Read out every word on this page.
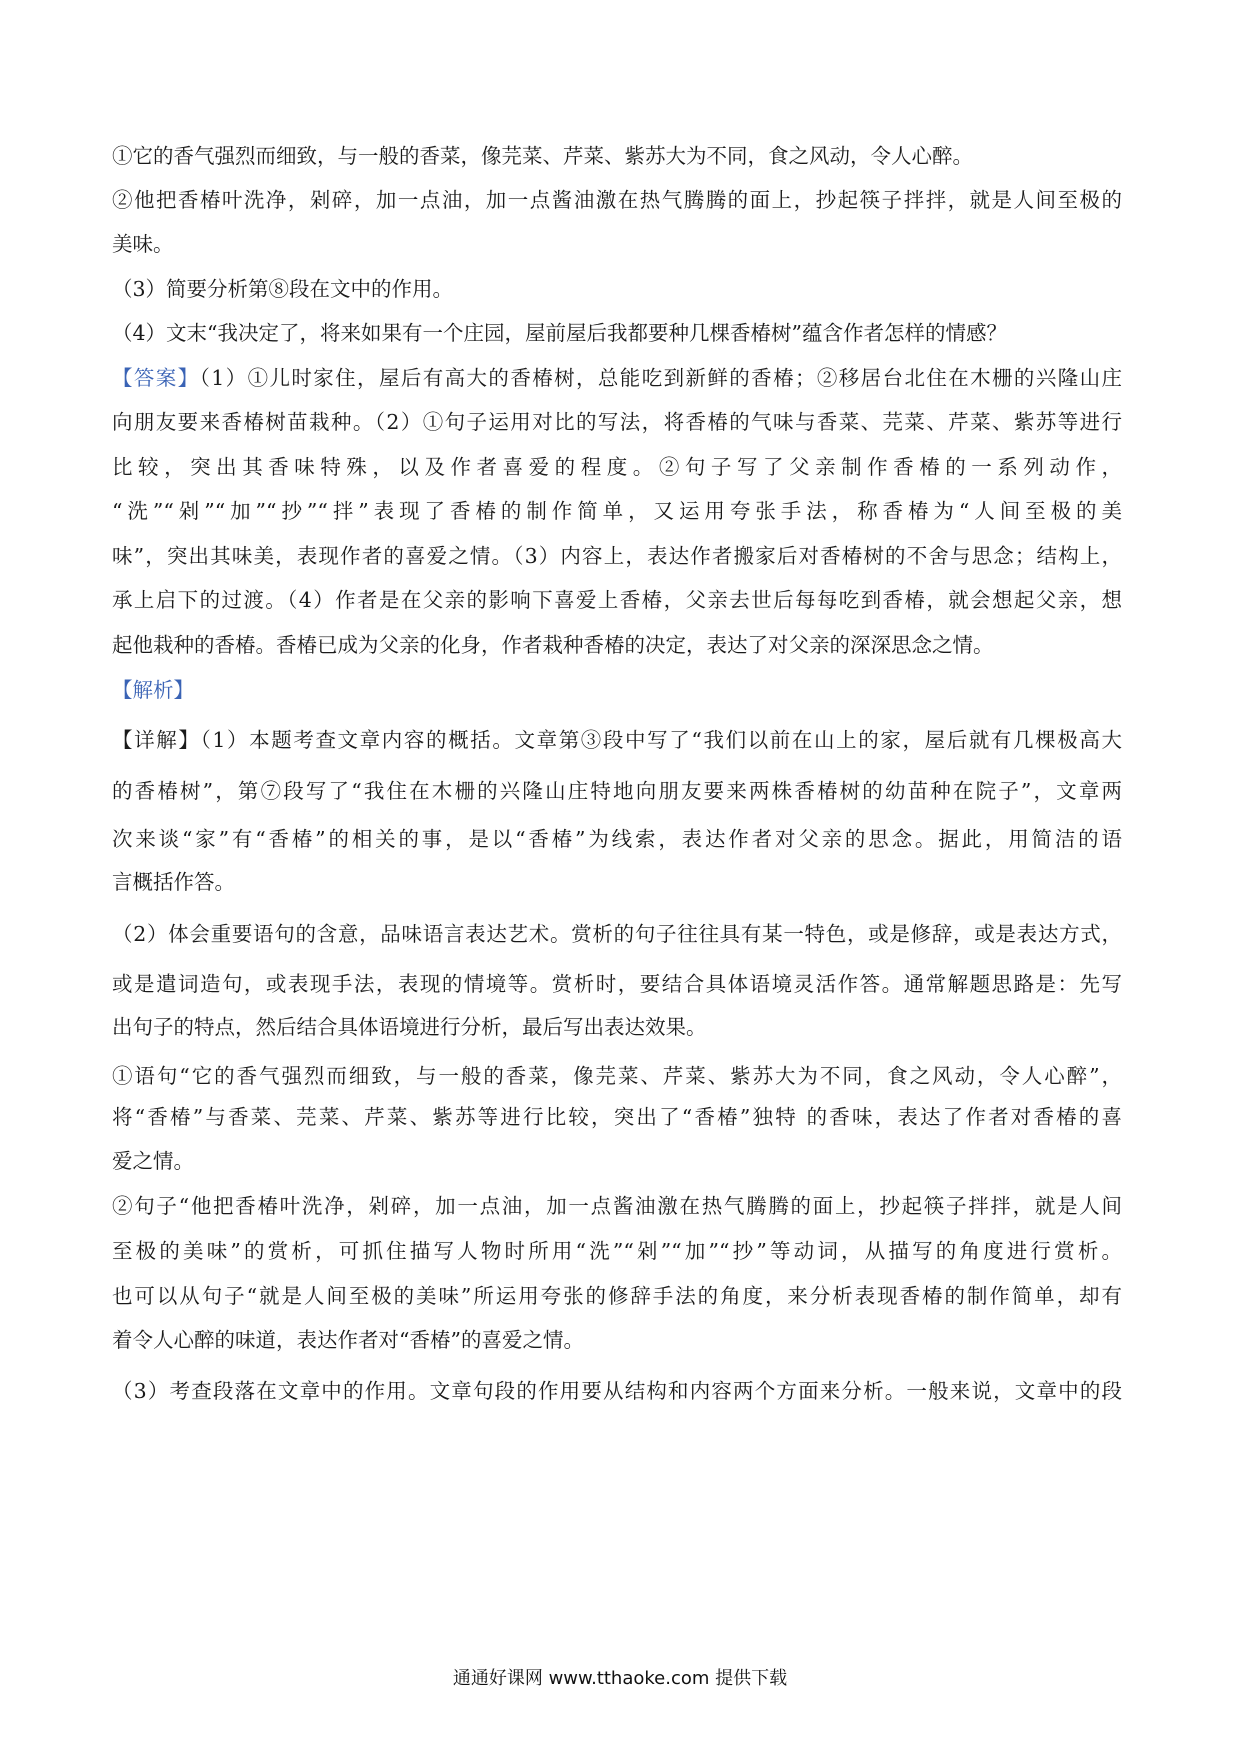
①它的香气强烈而细致，与一般的香菜，像芫菜、芹菜、紫苏大为不同，食之风动，令人心醉。
②他把香椿叶洗净，剁碎，加一点油，加一点酱油激在热气腾腾的面上，抄起筷子拌拌，就是人间至极的
美味。
（3）简要分析第⑧段在文中的作用。
（4）文末“我决定了，将来如果有一个庄园，屋前屋后我都要种几棵香椿树”蕴含作者怎样的情感？
【答案】（1）①儿时家住，屋后有高大的香椿树，总能吃到新鲜的香椿；②移居台北住在木栅的兴隆山庄
向朋友要来香椿树苗栽种。（2）①句子运用对比的写法，将香椿的气味与香菜、芫菜、芹菜、紫苏等进行
比较，突出其香味特殊，以及作者喜爱的程度。②句子写了父亲制作香椿的一系列动作，
“洗”“剁”“加”“抄”“拌”表现了香椿的制作简单，又运用夸张手法，称香椿为“人间至极的美
味”，突出其味美，表现作者的喜爱之情。（3）内容上，表达作者搬家后对香椿树的不舍与思念；结构上，
承上启下的过渡。（4）作者是在父亲的影响下喜爱上香椿，父亲去世后每每吃到香椿，就会想起父亲，想
起他栽种的香椿。香椿已成为父亲的化身，作者栽种香椿的决定，表达了对父亲的深深思念之情。
【解析】
【详解】（1）本题考查文章内容的概括。文章第③段中写了“我们以前在山上的家，屋后就有几棵极高大
的香椿树”，第⑦段写了“我住在木栅的兴隆山庄特地向朋友要来两株香椿树的幼苗种在院子”，文章两
次来谈“家”有“香椿”的相关的事，是以“香椿”为线索，表达作者对父亲的思念。据此，用简洁的语
言概括作答。
（2）体会重要语句的含意，品味语言表达艺术。赏析的句子往往具有某一特色，或是修辞，或是表达方式，
或是遣词造句，或表现手法，表现的情境等。赏析时，要结合具体语境灵活作答。通常解题思路是：先写
出句子的特点，然后结合具体语境进行分析，最后写出表达效果。
①语句“它的香气强烈而细致，与一般的香菜，像芫菜、芹菜、紫苏大为不同，食之风动，令人心醉”，
将“香椿”与香菜、芫菜、芹菜、紫苏等进行比较，突出了“香椿”独特 的香味，表达了作者对香椿的喜
爱之情。
②句子“他把香椿叶洗净，剁碎，加一点油，加一点酱油激在热气腾腾的面上，抄起筷子拌拌，就是人间
至极的美味”的赏析，可抓住描写人物时所用“洗”“剁”“加”“抄”等动词，从描写的角度进行赏析。
也可以从句子“就是人间至极的美味”所运用夸张的修辞手法的角度，来分析表现香椿的制作简单，却有
着令人心醉的味道，表达作者对“香椿”的喜爱之情。
（3）考查段落在文章中的作用。文章句段的作用要从结构和内容两个方面来分析。一般来说，文章中的段
通通好课网 www.tthaoke.com 提供下载
